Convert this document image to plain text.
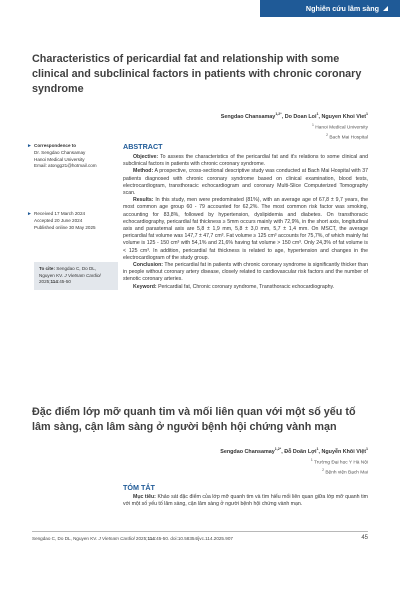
Nghiên cứu lâm sàng
Characteristics of pericardial fat and relationship with some clinical and subclinical factors in patients with chronic coronary syndrome
Sengdao Chansamay$^{1,2*}$, Do Doan Loi$^1$, Nguyen Khoi Viet$^1$
$^1$ Hanoi Medical University
$^2$ Bach Mai Hospital
► Correspondence to
Dr. Sengdao Chansamay
Hanoi Medical University
Email: atongg21@hotmail.com
► Received 17 March 2024
Accepted 20 June 2024
Published online 30 May 2025
To cite: Sengdao C, Do DL, Nguyen KV. J Vietnam Cardiol 2025;114:45-50
ABSTRACT

Objective: To assess the characteristics of the pericardial fat and it's relations to some clinical and subclinical factors in patients with chronic coronary syndrome.

Method: A prospective, cross-sectional descriptive study was conducted at Bach Mai Hospital with 37 patients diagnosed with chronic coronary syndrome based on clinical examination, blood tests, electrocardiogram, transthoracic echocardiogram and coronary Multi-Slice Computerized Tomography scan.

Results: In this study, men were predominated (81%), with an average age of 67,8 ± 9,7 years, the most common age group 60 - 79 accounted for 62,2%. The most common risk factor was smoking, accounting for 83,8%, followed by hypertension, dyslipidemia and diabetes. On transthoracic echocardiography, pericardial fat thickness ≥ 5mm occurs mainly with 72,9%, in the short axis, longitudinal axis and parasternal axis are 5,8 ± 1,9 mm, 5,8 ± 3,0 mm, 5,7 ± 1,4 mm. On MSCT, the average pericardial fat volume was 147,7 ± 47,7 cm³. Fat volume ≥ 125 cm³ accounts for 75,7%, of which mainly fat volume is 125 - 150 cm³ with 54,1% and 21,6% having fat volume > 150 cm³. Only 24,3% of fat volume is < 125 cm³. In addition, pericardial fat thickness is related to age, hypertension and changes in the electrocardiogram of the study group.

Conclusion: The pericardial fat in patients with chronic coronary syndrome is significantly thicker than in people without coronary artery disease, closely related to cardiovascular risk factors and the number of stenotic coronary arteries.

Keyword: Pericardial fat, Chronic coronary syndrome, Transthoracic echocardiography.

Đặc điểm lớp mỡ quanh tim và mối liên quan với một số yếu tố lâm sàng, cận lâm sàng ở người bệnh hội chứng vành mạn
Sengdao Chansamay$^{1,2*}$, Đỗ Doãn Lợi$^1$, Nguyễn Khôi Việt$^1$
$^1$ Trường Đại học Y Hà Nội
$^2$ Bệnh viện Bạch Mai
TÓM TẮT

Mục tiêu: Khảo sát đặc điểm của lớp mỡ quanh tim và tìm hiểu mối liên quan giữa lớp mỡ quanh tim với một số yếu tố lâm sàng, cận lâm sàng ở người bệnh hội chứng vành mạn.

Sengdao C, Do DL, Nguyen KV. J Vietnam Cardiol 2025;114:45-50. doi:10.58354/jvc.114.2025.907	45
